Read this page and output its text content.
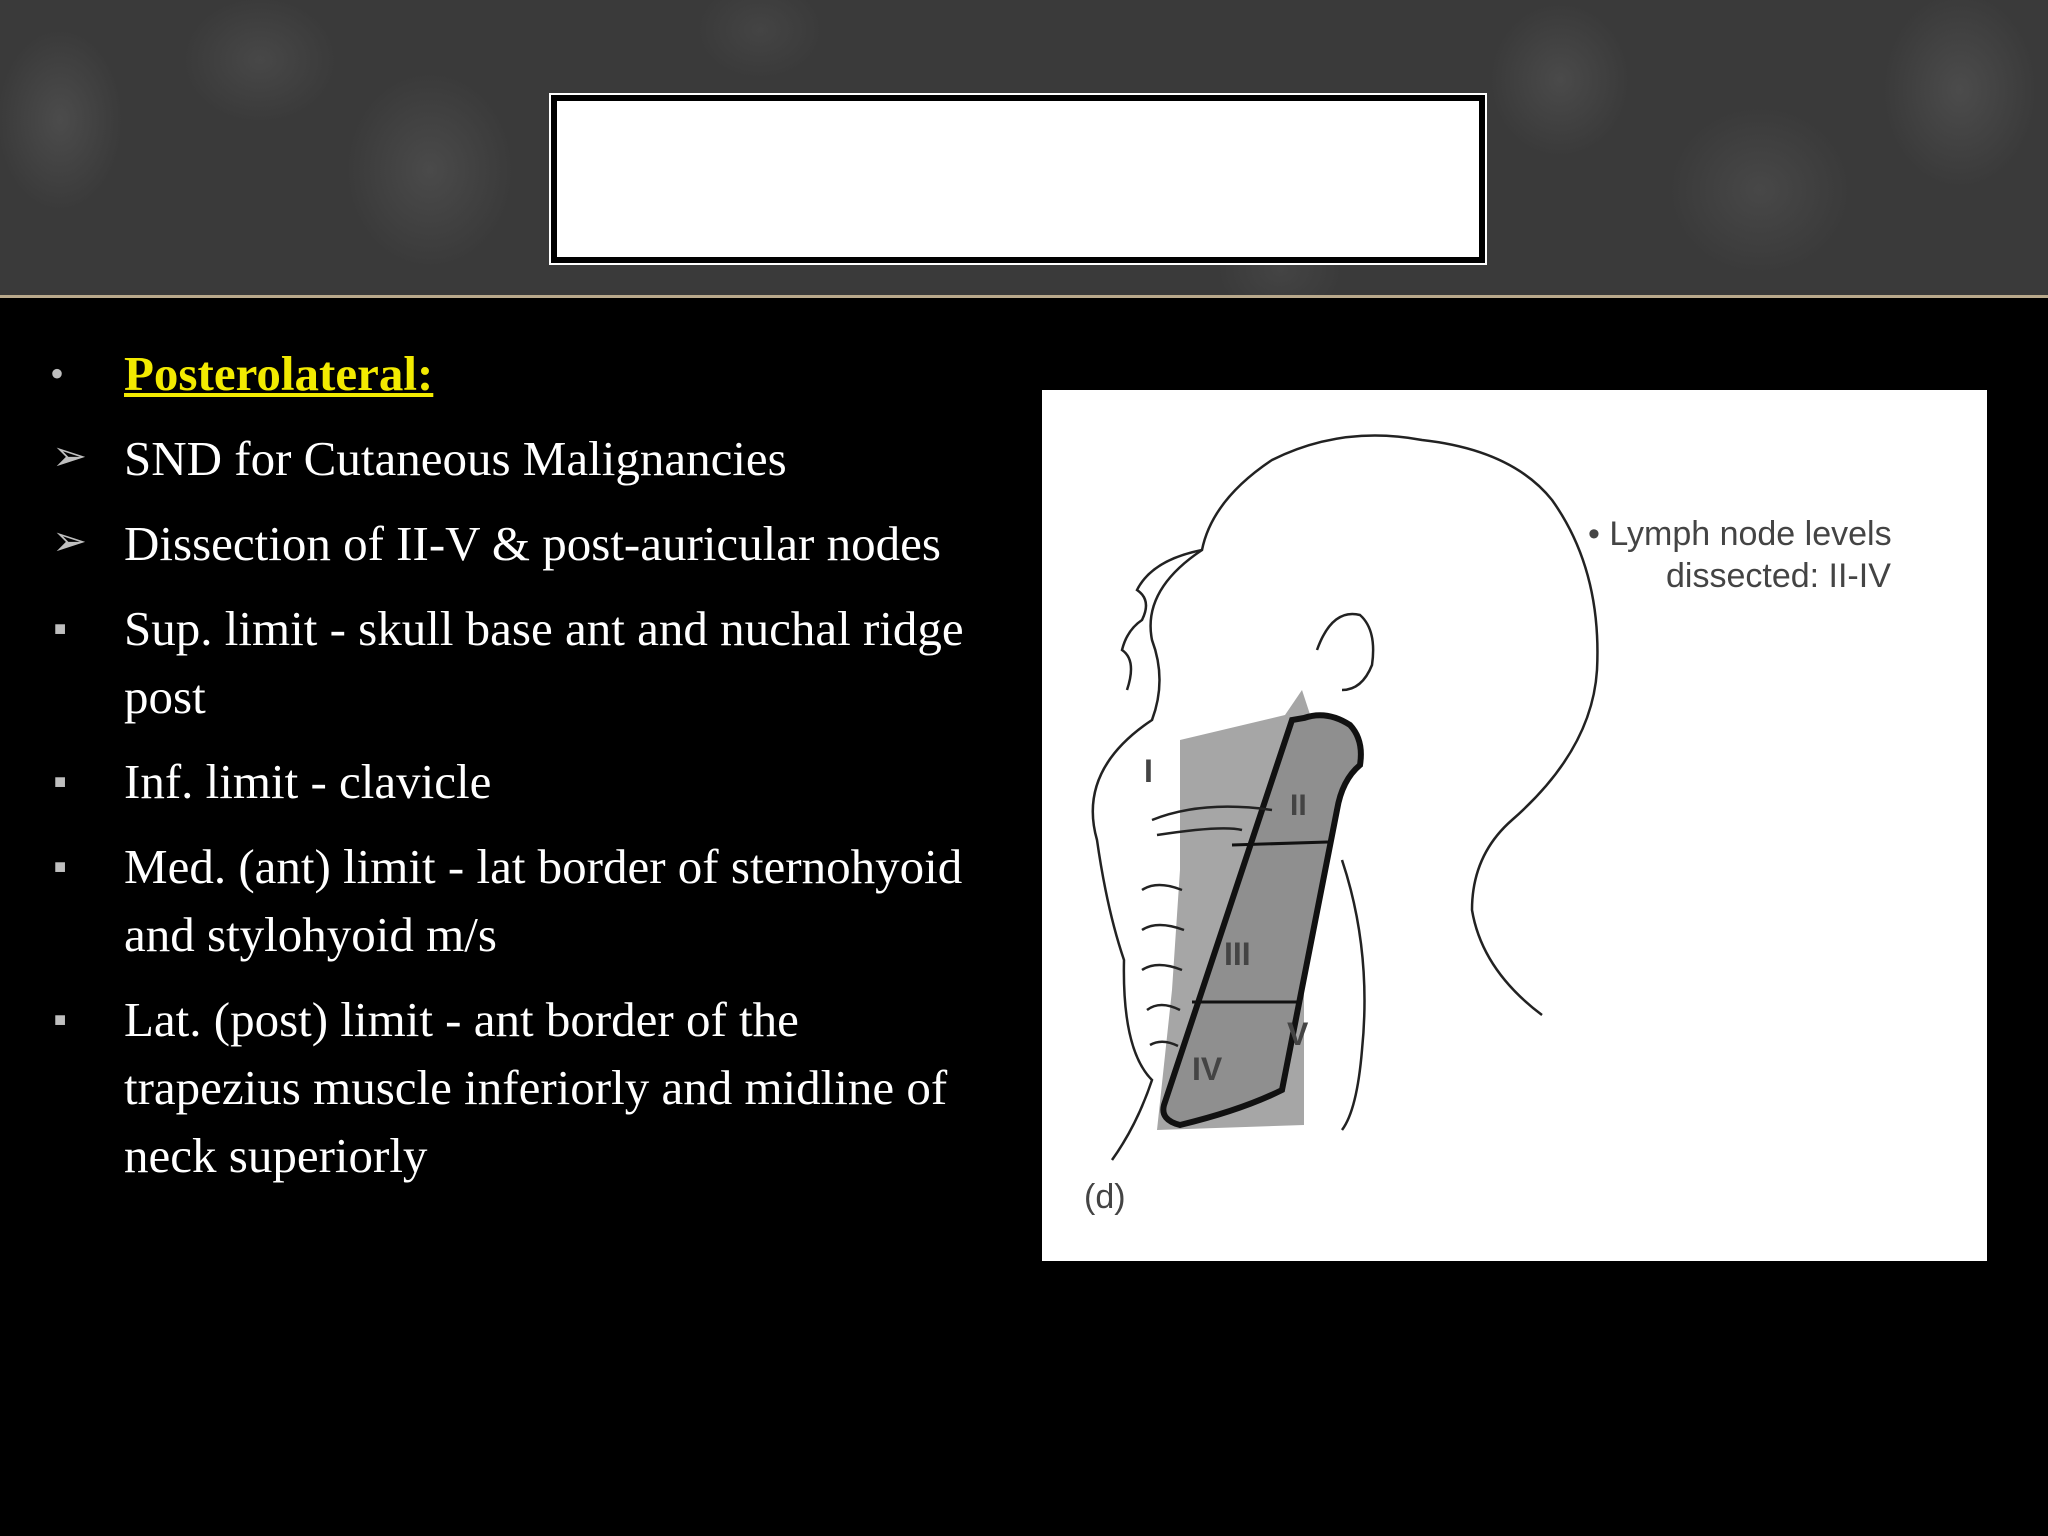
•	Posterolateral:
➢ SND for Cutaneous Malignancies
➢ Dissection of II-V & post-auricular nodes
■	Sup. limit - skull base ant and nuchal ridge post
■	Inf. limit - clavicle
■	Med. (ant) limit - lat border of sternohyoid and stylohyoid m/s
■	Lat. (post) limit - ant border of the trapezius muscle inferiorly and midline of neck superiorly
I
II
III
IV
V
• Lymph node levels
dissected: II-IV
(d)
